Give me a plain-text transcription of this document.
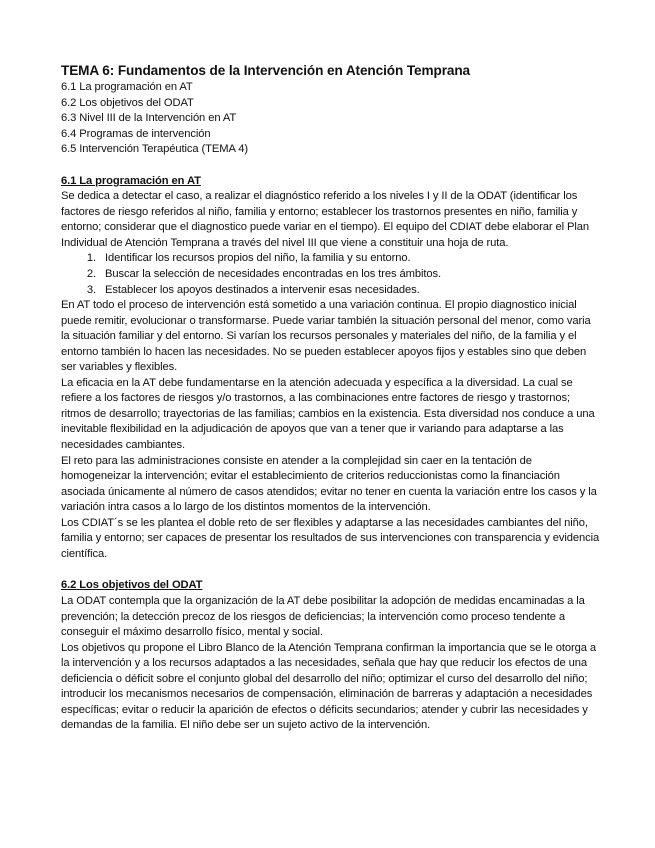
TEMA 6: Fundamentos de la Intervención en Atención Temprana
6.1 La programación en AT
6.2 Los objetivos del ODAT
6.3 Nivel III de la Intervención en AT
6.4 Programas de intervención
6.5 Intervención Terapéutica (TEMA 4)
6.1 La programación en AT

Se dedica a detectar el caso, a realizar el diagnóstico referido a los niveles I y II de la ODAT (identificar los factores de riesgo referidos al niño, familia y entorno; establecer los trastornos presentes en niño, familia y entorno; considerar que el diagnostico puede variar en el tiempo). El equipo del CDIAT debe elaborar el Plan Individual de Atención Temprana a través del nivel III que viene a constituir una hoja de ruta.

1. Identificar los recursos propios del niño, la familia y su entorno.
2. Buscar la selección de necesidades encontradas en los tres ámbitos.
3. Establecer los apoyos destinados a intervenir esas necesidades.

En AT todo el proceso de intervención está sometido a una variación continua. El propio diagnostico inicial puede remitir, evolucionar o transformarse. Puede variar también la situación personal del menor, como varia la situación familiar y del entorno. Si varían los recursos personales y materiales del niño, de la familia y el entorno también lo hacen las necesidades. No se pueden establecer apoyos fijos y estables sino que deben ser variables y flexibles.

La eficacia en la AT debe fundamentarse en la atención adecuada y específica a la diversidad. La cual se refiere a los factores de riesgos y/o trastornos, a las combinaciones entre factores de riesgo y trastornos; ritmos de desarrollo; trayectorias de las familias; cambios en la existencia. Esta diversidad nos conduce a una inevitable flexibilidad en la adjudicación de apoyos que van a tener que ir variando para adaptarse a las necesidades cambiantes.

El reto para las administraciones consiste en atender a la complejidad sin caer en la tentación de homogeneizar la intervención; evitar el establecimiento de criterios reduccionistas como la financiación asociada únicamente al número de casos atendidos; evitar no tener en cuenta la variación entre los casos y la variación intra casos a lo largo de los distintos momentos de la intervención.

Los CDIAT´s se les plantea el doble reto de ser flexibles y adaptarse a las necesidades cambiantes del niño, familia y entorno; ser capaces de presentar los resultados de sus intervenciones con transparencia y evidencia científica.

6.2 Los objetivos del ODAT

La ODAT contempla que la organización de la AT debe posibilitar la adopción de medidas encaminadas a la prevención; la detección precoz de los riesgos de deficiencias; la intervención como proceso tendente a conseguir el máximo desarrollo físico, mental y social.

Los objetivos qu propone el Libro Blanco de la Atención Temprana confirman la importancia que se le otorga a la intervención y a los recursos adaptados a las necesidades, señala que hay que reducir los efectos de una deficiencia o déficit sobre el conjunto global del desarrollo del niño; optimizar el curso del desarrollo del niño; introducir los mecanismos necesarios de compensación, eliminación de barreras y adaptación a necesidades específicas; evitar o reducir la aparición de efectos o déficits secundarios; atender y cubrir las necesidades y demandas de la familia. El niño debe ser un sujeto activo de la intervención.
